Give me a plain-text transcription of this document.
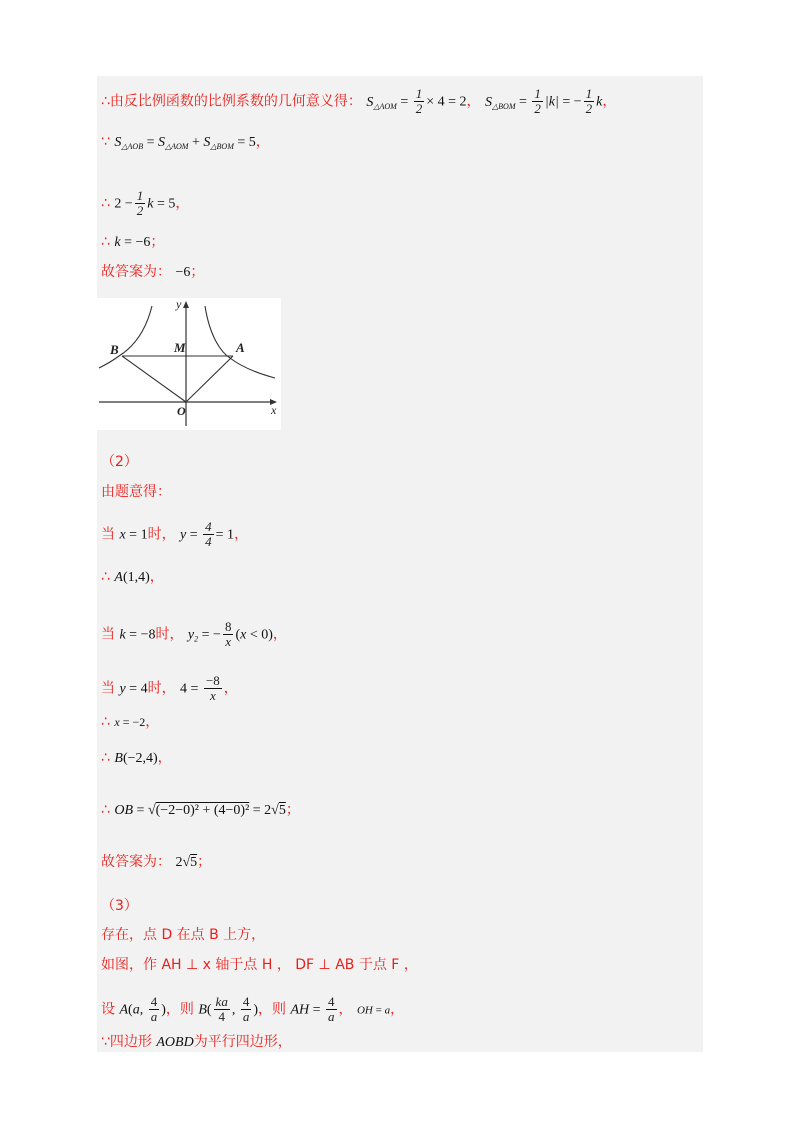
∴由反比例函数的比例系数的几何意义得： $S_{\triangle AOM} = \frac{1}{2} \times 4 = 2$， $S_{\triangle BOM} = \frac{1}{2} |k|$ = − $\frac{1}{2}$ k，
∵ $S_{\triangle AOB} = S_{\triangle AOM} + S_{\triangle BOM} = 5$，
∴ $2 - \frac{1}{2}$ k = 5，
∴ k = −6；
故答案为： −6；
B	M	A
O	x
y
（2）
由题意得：
当 x = 1时， $y = \frac{4}{4} = 1$，
∴ A(1,4)，
当 k = −8时， $y_2$ = − $\frac{8}{x} (x < 0)$，
当 y = 4时， $4 = \frac{-8}{x}$ ，
∴ x = −2，
∴ B(−2,4)，
∴ OB = √(−2−0)² + (4−0)² = 2√5；
故答案为： 2√5；
（3）
存在，点 D 在点 B 上方，
如图，作 AH ⊥ x 轴于点 H ， DF ⊥ AB 于点 F ，
设 A(a, $\frac{4}{a}$ )，则 $B( \frac{ka}{4}$ , $\frac{4}{a}$ )，则 AH = $\frac{4}{a}$ ， OH = a，
∵四边形 AOBD为平行四边形，
